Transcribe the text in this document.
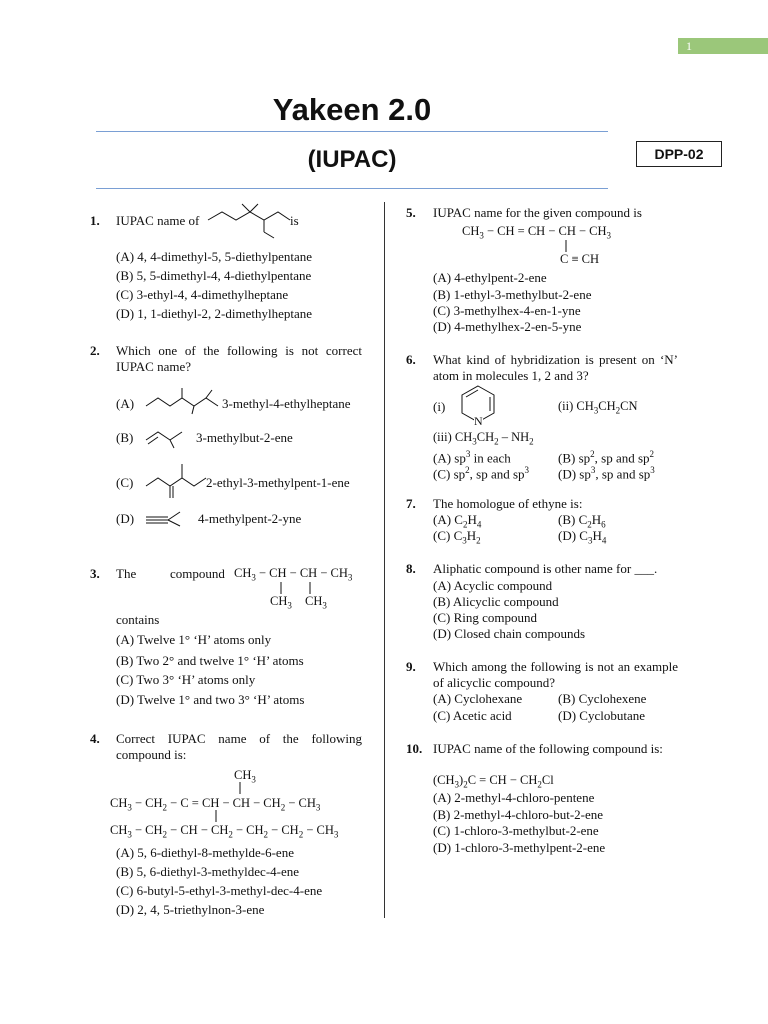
1
Yakeen 2.0
(IUPAC)	DPP-02
1. IUPAC name of	is
(A) 4, 4-dimethyl-5, 5-diethylpentane
(B) 5, 5-dimethyl-4, 4-diethylpentane
(C) 3-ethyl-4, 4-dimethylheptane
(D) 1, 1-diethyl-2, 2-dimethylheptane
2. Which one of the following is not correct IUPAC name?
(A)	3-methyl-4-ethylheptane
(B)	3-methylbut-2-ene
(C)	2-ethyl-3-methylpent-1-ene
(D)	4-methylpent-2-yne
3. The	compound $CH_3$ − CH − CH − $CH_3$
$CH_3$ $CH_3$
contains
(A) Twelve 1° ‘H’ atoms only
(B) Two 2° and twelve 1° ‘H’ atoms
(C) Two 3° ‘H’ atoms only
(D) Twelve 1° and two 3° ‘H’ atoms
4. Correct IUPAC name of the following compound is:
$CH_3$
$CH_3 - CH_2 - C$ = CH − CH − $CH_2 - CH_3$
$CH_3 - CH_2$ − CH − $CH_2 - CH_2 - CH_2 - CH_3$
(A) 5, 6-diethyl-8-methylde-6-ene
(B) 5, 6-diethyl-3-methyldec-4-ene
(C) 6-butyl-5-ethyl-3-methyl-dec-4-ene
(D) 2, 4, 5-triethylnon-3-ene
5. IUPAC name for the given compound is
$CH_3$ − CH = CH − CH − $CH_3$
C ≡ CH
(A) 4-ethylpent-2-ene
(B) 1-ethyl-3-methylbut-2-ene
(C) 3-methylhex-4-en-1-yne
(D) 4-methylhex-2-en-5-yne
6. What kind of hybridization is present on ‘N’ atom in molecules 1, 2 and 3?
(i)
N
(ii) $CH_3CH_2CN$
(iii) $CH_3CH_2 - NH_2$
(A) $sp^3$ in each	(B) $sp^2$, sp and $sp^2$
(C) $sp^2$, sp and $sp^3$ (D) $sp^3$, sp and $sp^3$
7. The homologue of ethyne is:
(A) $C_2H_4$	(B) $C_2H_6$
(C) $C_3H_2$	(D) $C_3H_4$
8. Aliphatic compound is other name for ___.
(A) Acyclic compound
(B) Alicyclic compound
(C) Ring compound
(D) Closed chain compounds
9. Which among the following is not an example of alicyclic compound?
(A) Cyclohexane	(B) Cyclohexene
(C) Acetic acid	(D) Cyclobutane
10. IUPAC name of the following compound is:
$(CH_3)_2C$ = CH − $CH_2Cl$
(A) 2-methyl-4-chloro-pentene
(B) 2-methyl-4-chloro-but-2-ene
(C) 1-chloro-3-methylbut-2-ene
(D) 1-chloro-3-methylpent-2-ene
